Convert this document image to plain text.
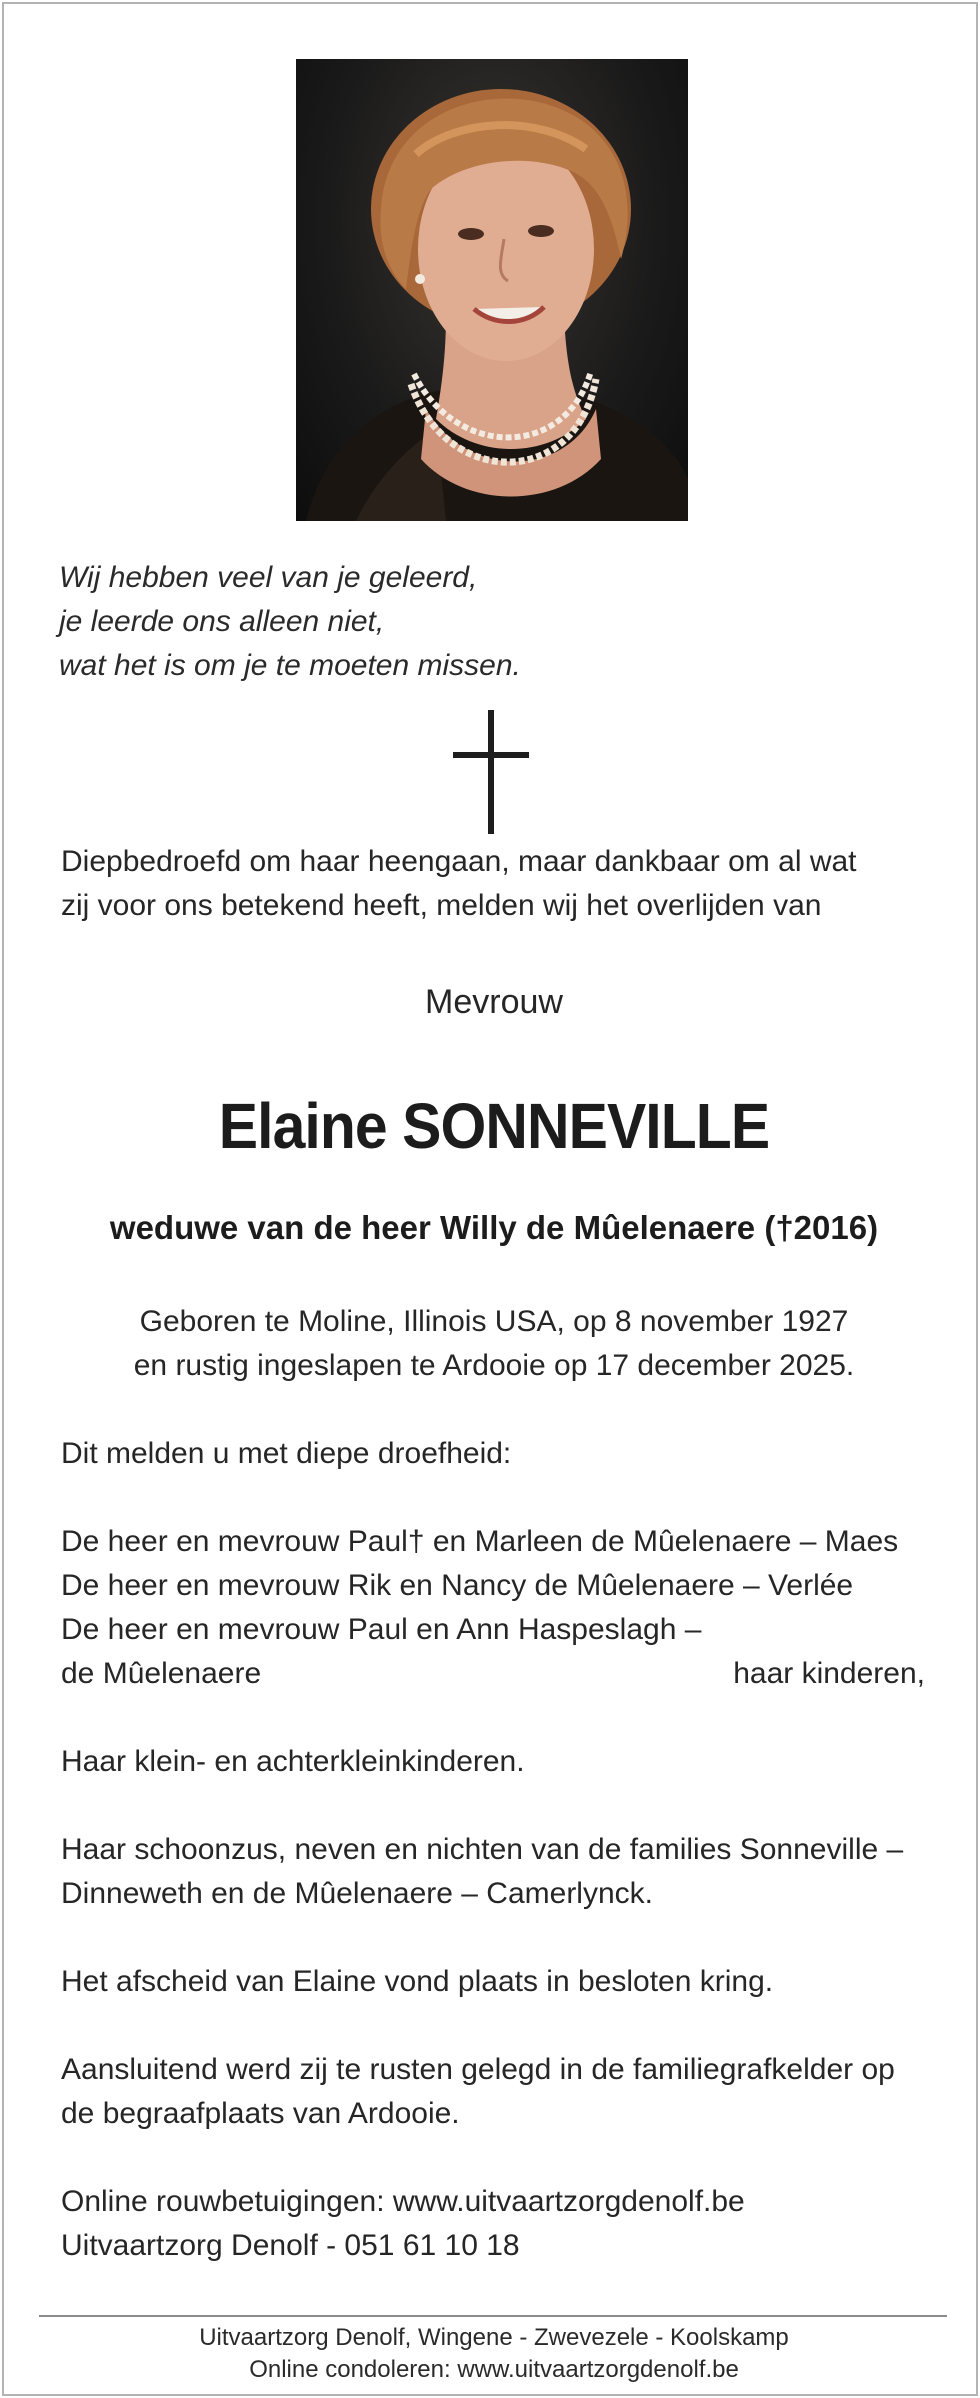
Wij hebben veel van je geleerd,
je leerde ons alleen niet,
wat het is om je te moeten missen.
Diepbedroefd om haar heengaan, maar dankbaar om al wat
zij voor ons betekend heeft, melden wij het overlijden van
Mevrouw
Elaine SONNEVILLE
weduwe van de heer Willy de Mûelenaere (†2016)
Geboren te Moline, Illinois USA, op 8 november 1927
en rustig ingeslapen te Ardooie op 17 december 2025.
Dit melden u met diepe droefheid:
De heer en mevrouw Paul† en Marleen de Mûelenaere – Maes
De heer en mevrouw Rik en Nancy de Mûelenaere – Verlée
De heer en mevrouw Paul en Ann Haspeslagh –
de Mûelenaere	haar kinderen,
Haar klein- en achterkleinkinderen.
Haar schoonzus, neven en nichten van de families Sonneville –
Dinneweth en de Mûelenaere – Camerlynck.
Het afscheid van Elaine vond plaats in besloten kring.
Aansluitend werd zij te rusten gelegd in de familiegrafkelder op
de begraafplaats van Ardooie.
Online rouwbetuigingen: www.uitvaartzorgdenolf.be
Uitvaartzorg Denolf - 051 61 10 18
Uitvaartzorg Denolf, Wingene - Zwevezele - Koolskamp
Online condoleren: www.uitvaartzorgdenolf.be
